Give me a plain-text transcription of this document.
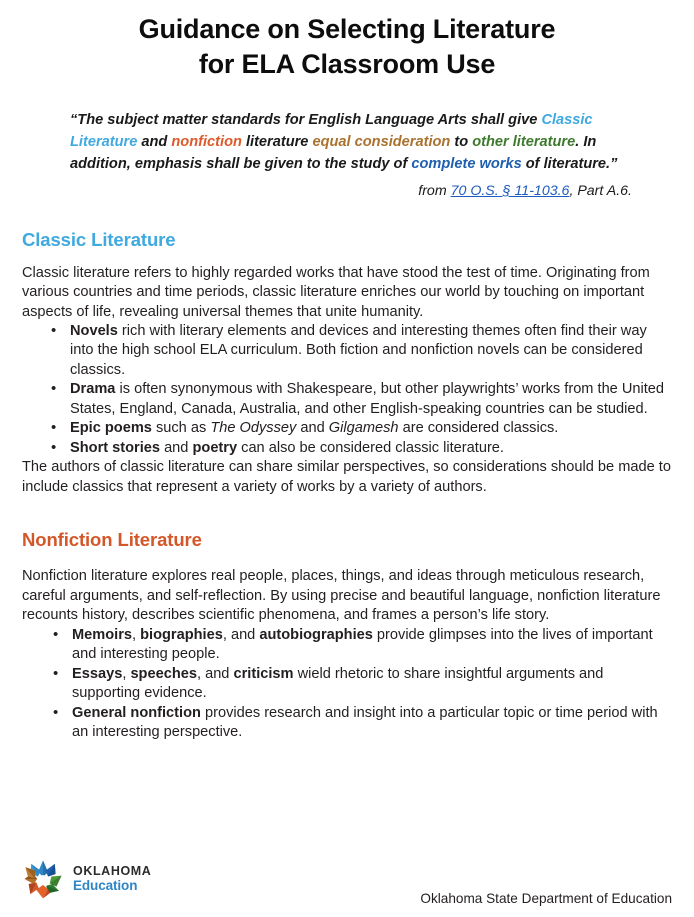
Guidance on Selecting Literature
for ELA Classroom Use

“The subject matter standards for English Language Arts shall give Classic Literature and nonfiction literature equal consideration to other literature. In addition, emphasis shall be given to the study of complete works of literature.”

from 70 O.S. § 11-103.6, Part A.6.

Classic Literature

Classic literature refers to highly regarded works that have stood the test of time. Originating from various countries and time periods, classic literature enriches our world by touching on important aspects of life, revealing universal themes that unite humanity.

• Novels rich with literary elements and devices and interesting themes often find their way into the high school ELA curriculum. Both fiction and nonfiction novels can be considered classics.
• Drama is often synonymous with Shakespeare, but other playwrights’ works from the United States, England, Canada, Australia, and other English-speaking countries can be studied.
• Epic poems such as The Odyssey and Gilgamesh are considered classics.
• Short stories and poetry can also be considered classic literature.

The authors of classic literature can share similar perspectives, so considerations should be made to include classics that represent a variety of works by a variety of authors.

Nonfiction Literature

Nonfiction literature explores real people, places, things, and ideas through meticulous research, careful arguments, and self-reflection. By using precise and beautiful language, nonfiction literature recounts history, describes scientific phenomena, and frames a person’s life story.

• Memoirs, biographies, and autobiographies provide glimpses into the lives of important and interesting people.
• Essays, speeches, and criticism wield rhetoric to share insightful arguments and supporting evidence.
• General nonfiction provides research and insight into a particular topic or time period with an interesting perspective.
OKLAHOMA
Education
Oklahoma State Department of Education
